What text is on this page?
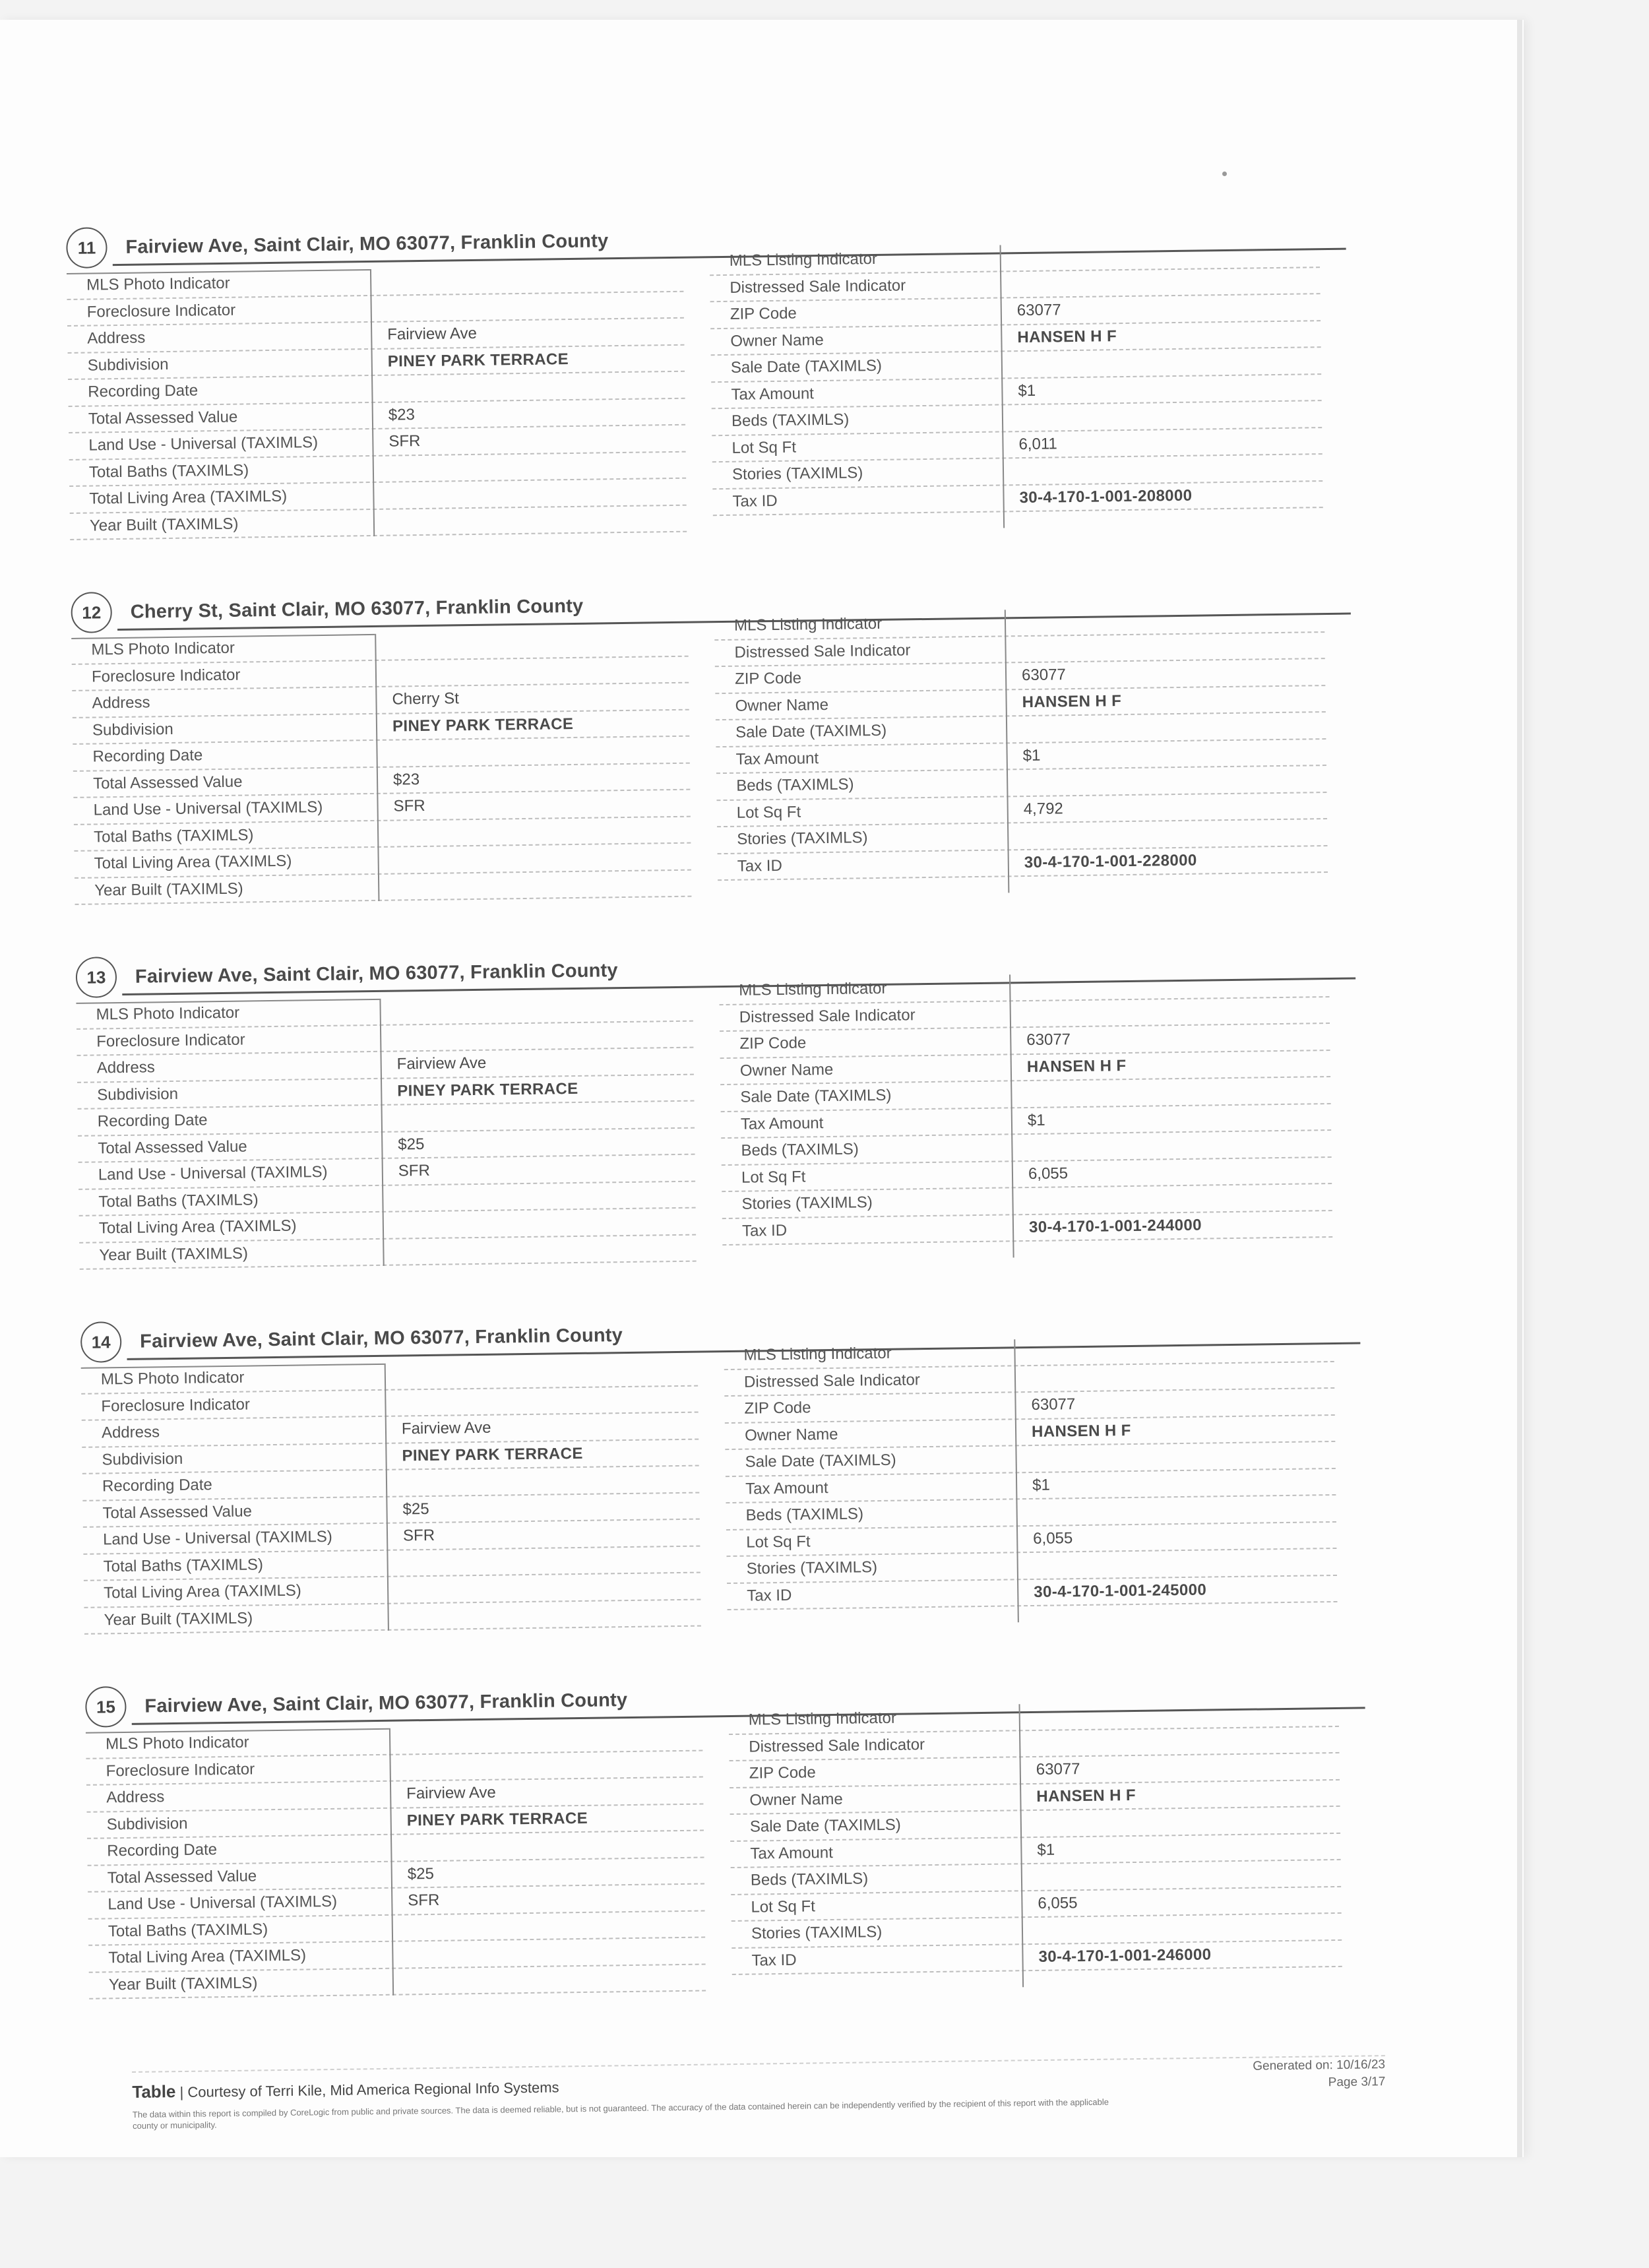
11	Fairview Ave, Saint Clair, MO 63077, Franklin County
MLS Photo Indicator
Foreclosure Indicator
Address	Fairview Ave
Subdivision	PINEY PARK TERRACE
Recording Date
Total Assessed Value	$23
Land Use - Universal (TAXIMLS)	SFR
Total Baths (TAXIMLS)
Total Living Area (TAXIMLS)
Year Built (TAXIMLS)
MLS Listing Indicator
Distressed Sale Indicator
ZIP Code	63077
Owner Name	HANSEN H F
Sale Date (TAXIMLS)
Tax Amount	$1
Beds (TAXIMLS)
Lot Sq Ft	6,011
Stories (TAXIMLS)
Tax ID	30-4-170-1-001-208000
12	Cherry St, Saint Clair, MO 63077, Franklin County
MLS Photo Indicator
Foreclosure Indicator
Address	Cherry St
Subdivision	PINEY PARK TERRACE
Recording Date
Total Assessed Value	$23
Land Use - Universal (TAXIMLS)	SFR
Total Baths (TAXIMLS)
Total Living Area (TAXIMLS)
Year Built (TAXIMLS)
MLS Listing Indicator
Distressed Sale Indicator
ZIP Code	63077
Owner Name	HANSEN H F
Sale Date (TAXIMLS)
Tax Amount	$1
Beds (TAXIMLS)
Lot Sq Ft	4,792
Stories (TAXIMLS)
Tax ID	30-4-170-1-001-228000
13	Fairview Ave, Saint Clair, MO 63077, Franklin County
MLS Photo Indicator
Foreclosure Indicator
Address	Fairview Ave
Subdivision	PINEY PARK TERRACE
Recording Date
Total Assessed Value	$25
Land Use - Universal (TAXIMLS)	SFR
Total Baths (TAXIMLS)
Total Living Area (TAXIMLS)
Year Built (TAXIMLS)
MLS Listing Indicator
Distressed Sale Indicator
ZIP Code	63077
Owner Name	HANSEN H F
Sale Date (TAXIMLS)
Tax Amount	$1
Beds (TAXIMLS)
Lot Sq Ft	6,055
Stories (TAXIMLS)
Tax ID	30-4-170-1-001-244000
14	Fairview Ave, Saint Clair, MO 63077, Franklin County
MLS Photo Indicator
Foreclosure Indicator
Address	Fairview Ave
Subdivision	PINEY PARK TERRACE
Recording Date
Total Assessed Value	$25
Land Use - Universal (TAXIMLS)	SFR
Total Baths (TAXIMLS)
Total Living Area (TAXIMLS)
Year Built (TAXIMLS)
MLS Listing Indicator
Distressed Sale Indicator
ZIP Code	63077
Owner Name	HANSEN H F
Sale Date (TAXIMLS)
Tax Amount	$1
Beds (TAXIMLS)
Lot Sq Ft	6,055
Stories (TAXIMLS)
Tax ID	30-4-170-1-001-245000
15	Fairview Ave, Saint Clair, MO 63077, Franklin County
MLS Photo Indicator
Foreclosure Indicator
Address	Fairview Ave
Subdivision	PINEY PARK TERRACE
Recording Date
Total Assessed Value	$25
Land Use - Universal (TAXIMLS)	SFR
Total Baths (TAXIMLS)
Total Living Area (TAXIMLS)
Year Built (TAXIMLS)
MLS Listing Indicator
Distressed Sale Indicator
ZIP Code	63077
Owner Name	HANSEN H F
Sale Date (TAXIMLS)
Tax Amount	$1
Beds (TAXIMLS)
Lot Sq Ft	6,055
Stories (TAXIMLS)
Tax ID	30-4-170-1-001-246000
Table | Courtesy of Terri Kile, Mid America Regional Info Systems
The data within this report is compiled by CoreLogic from public and private sources. The data is deemed reliable, but is not guaranteed. The accuracy of the data contained herein can be independently verified by the recipient of this report with the applicable county or municipality.
Generated on: 10/16/23
Page 3/17
